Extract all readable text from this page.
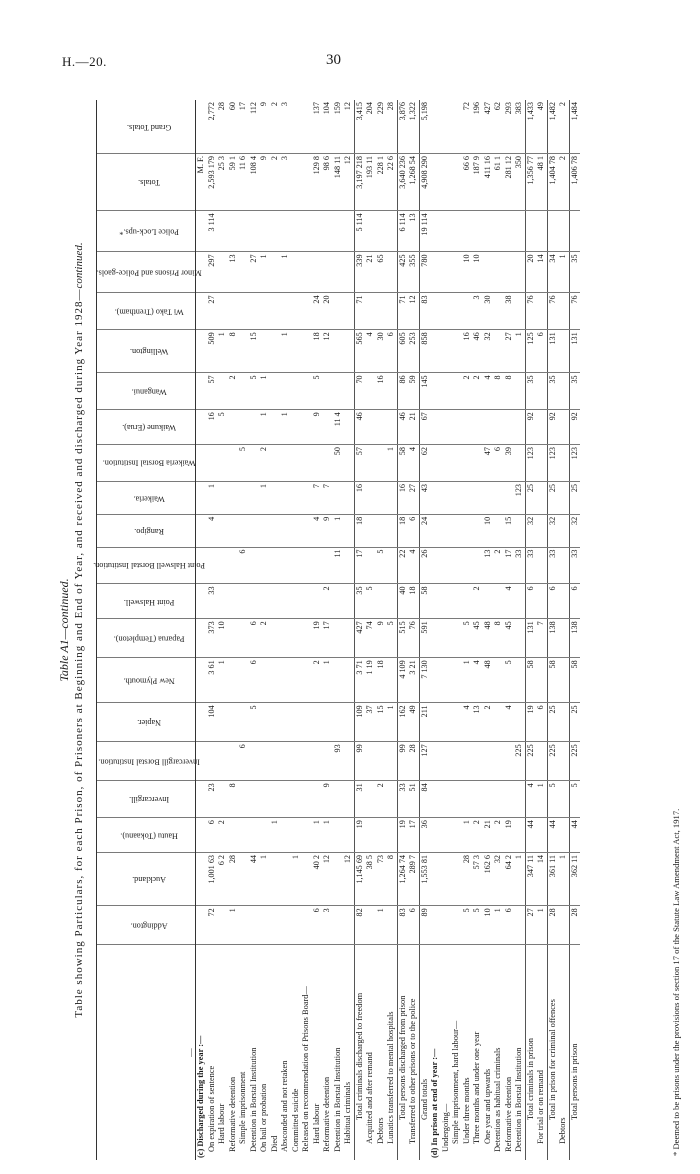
H.—20.	30
Table A1—continued. Table showing Particulars, for each Prison, of Prisoners at Beginning and End of Year, and received and discharged during Year 1928—continued.
—	Addington.	Auckland.	Hautu (Tokaanu).	Invercargill.	Invercargill Borstal Institution.	Napier.	New Plymouth.	Paparua (Templeton).	Point Halswell.	Point Halswell Borstal Institution.	Rangipo.	Waikeria.	Waikeria Borstal Institution.	Waikune (Erua).	Wanganui.	Wellington.	Wi Tako (Trentham).	Minor Prisons and Police-gaols.	Police Lock-ups.*	Totals.	Grand Totals.

(c) Discharged during the year :—																				M. F.	
On expiration of sentence	72	1,001 63	6	23		104	3 61	373	33		4	1		16	57	509	27	297	3 114	2,593 179	2,772
Hard labour		6 2	2				1	10						5		1				25 3	28
Reformative detention	1	28		8											2	8		13		59 1	60
Simple imprisonment					6					6			5							11 6	17
Detention in Borstal Institution		44				5	6	6							5	15		27		108 4	112
On bail or probation		1						2				1	2	1	1			1		9	9
Died			1																	2	2
Absconded and not retaken														1		1		1		3	3
Committed suicide		1																			
Released on recommendation of Prisons Board—																					
Hard labour	6	40 2	1				2	19			4	7		9	5	18	24			129 8	137
Reformative detention	3	12	1	9			1	17	2		9	7				12	20			98 6	104
Detention in Borstal Institution					93					11	1		50	11 4						148 11	159
Habitual criminals		12																		12	12
Total criminals discharged to freedom	82	1,145 69	19	31	99	109	3 71	427	35	17	18	16	57	46	70	565	71	339	5 114	3,197 218	3,415
Acquitted and after remand		38 5				37	1 19	74	5							4		21		193 11	204
Debtors	1	73		2		15	18	9		5					16	30		65		228 1	229
Lunatics transferred to mental hospitals		8				1		5					1			6				22 6	28
Total persons discharged from prison	83	1,264 74	19	33	99	162	4 109	515	40	22	18	16	58	46	86	605	71	425	6 114	3,640 236	3,876
Transferred to other prisons or to the police	6	289 7	17	51	28	49	3 21	76	18	4	6	27	4	21	59	253	12	355	13	1,268 54	1,322
Grand totals	89	1,553 81	36	84	127	211	7 130	591	58	26	24	43	62	67	145	858	83	780	19 114	4,908 290	5,198
(d) In prison at end of year :—																					
Undergoing—																					
Simple imprisonment, hard labour—																					
Under three months	5	28	1			4	1	5							2	16		10		66 6	72
Three months and under one year	5	57 3	2			13	4	45	2						2	46	3	10		187 9	196
One year and upwards	10	162 6	21			2	48	48		13	10		47		4	32	30			411 16	427
Detention as habitual criminals	1	32	2					8		2			6		8					61 1	62
Reformative detention	6	64 2	19			4	5	45	4	17	15		39		8	27	38			281 12	293
Detention in Borstal Institution		1			225					33		123				1				350	383
Total criminals in prison	27	347 11	44	4	225	19	58	131	6	33	32	25	123	92	35	125	76	20		1,356 77	1,433
For trial or on remand	1	14		1		6		7								6		14		48 1	49
Total in prison for criminal offences	28	361 11	44	5	225	25	58	138	6	33	32	25	123	92	35	131	76	34		1,404 78	1,482
Debtors		1																1		2	2
Total persons in prison	28	362 11	44	5	225	25	58	138	6	33	32	25	123	92	35	131	76	35		1,406 78	1,484
* Deemed to be prisons under the provisions of section 17 of the Statute Law Amendment Act, 1917.
